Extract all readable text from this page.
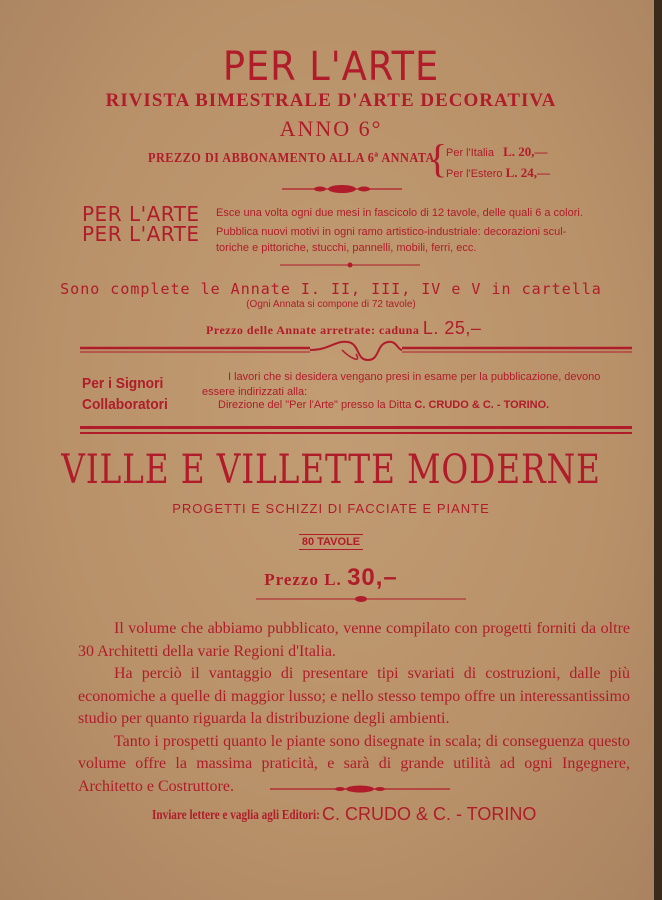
PER L'ARTE
RIVISTA BIMESTRALE D'ARTE DECORATIVA
ANNO 6°
PREZZO DI ABBONAMENTO ALLA 6ª ANNATA
{
Per l'Italia L. 20,—
Per l'Estero L. 24,—
PER L'ARTE Esce una volta ogni due mesi in fascicolo di 12 tavole, delle quali 6 a colori.
PER L'ARTE Pubblica nuovi motivi in ogni ramo artistico-industriale: decorazioni scul-
toriche e pittoriche, stucchi, pannelli, mobili, ferri, ecc.
Sono complete le Annate I. II, III, IV e V in cartella
(Ogni Annata si compone di 72 tavole)
Prezzo delle Annate arretrate: caduna L. 25,–
Per i Signori
Collaboratori
I lavori che si desidera vengano presi in esame per la pubblicazione, devono
essere indirizzati alla:
Direzione del "Per l'Arte" presso la Ditta C. CRUDO & C. - TORINO.
VILLE E VILLETTE MODERNE
PROGETTI E SCHIZZI DI FACCIATE E PIANTE
80 TAVOLE
Prezzo L. 30,–

Il volume che abbiamo pubblicato, venne compilato con progetti forniti da oltre 30 Architetti della varie Regioni d'Italia.

Ha perciò il vantaggio di presentare tipi svariati di costruzioni, dalle più economiche a quelle di maggior lusso; e nello stesso tempo offre un interessantissimo studio per quanto riguarda la distribuzione degli ambienti.

Tanto i prospetti quanto le piante sono disegnate in scala; di conseguenza questo volume offre la massima praticità, e sarà di grande utilità ad ogni Ingegnere, Architetto e Costruttore.

Inviare lettere e vaglia agli Editori: C. CRUDO & C. - TORINO
